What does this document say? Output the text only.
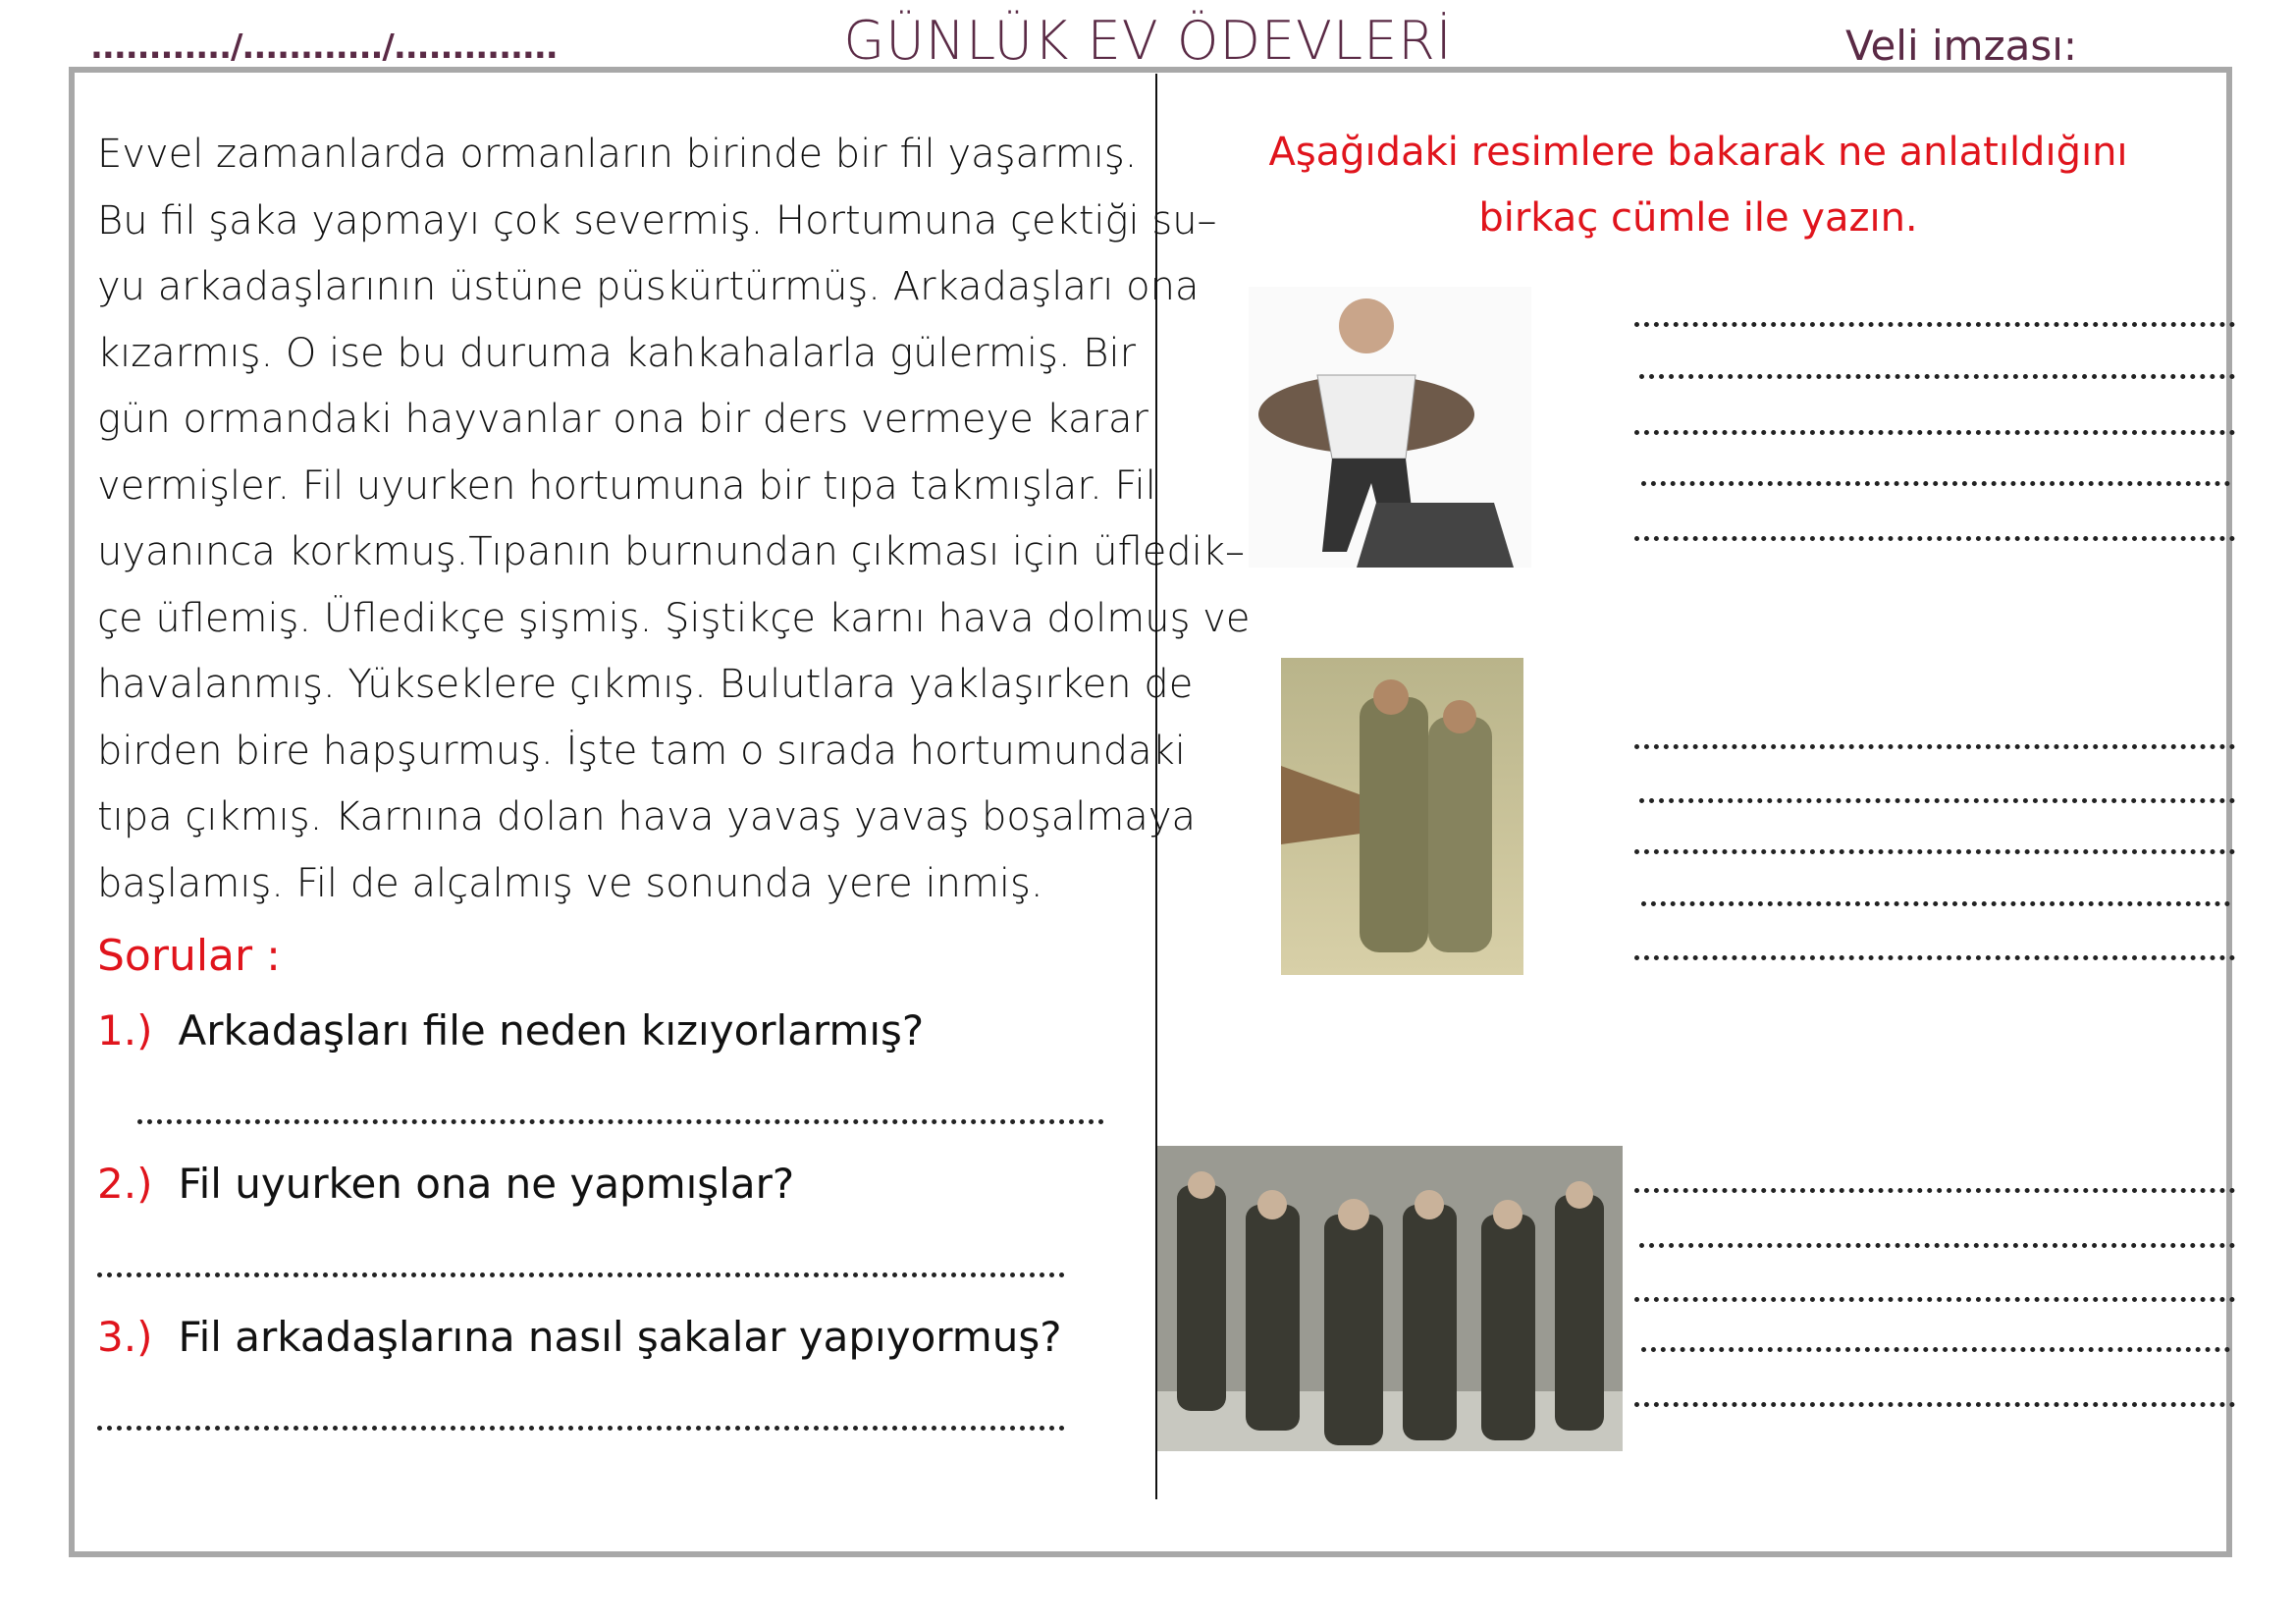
............/............/..............	GÜNLÜK EV ÖDEVLERİ	Veli imzası:
Evvel zamanlarda ormanların birinde bir fil yaşarmış.
Bu fil şaka yapmayı çok severmiş. Hortumuna çektiği su–
yu arkadaşlarının üstüne püskürtürmüş. Arkadaşları ona
kızarmış. O ise bu duruma kahkahalarla gülermiş. Bir
gün ormandaki hayvanlar ona bir ders vermeye karar
vermişler. Fil uyurken hortumuna bir tıpa takmışlar. Fil
uyanınca korkmuş.Tıpanın burnundan çıkması için üfledik–
çe üflemiş. Üfledikçe şişmiş. Şiştikçe karnı hava dolmuş ve
havalanmış. Yükseklere çıkmış. Bulutlara yaklaşırken de
birden bire hapşurmuş. İşte tam o sırada hortumundaki
tıpa çıkmış. Karnına dolan hava yavaş yavaş boşalmaya
başlamış. Fil de alçalmış ve sonunda yere inmiş.
Sorular :
1.) Arkadaşları file neden kızıyorlarmış?
2.) Fil uyurken ona ne yapmışlar?
3.) Fil arkadaşlarına nasıl şakalar yapıyormuş?
Aşağıdaki resimlere bakarak ne anlatıldığını
birkaç cümle ile yazın.
